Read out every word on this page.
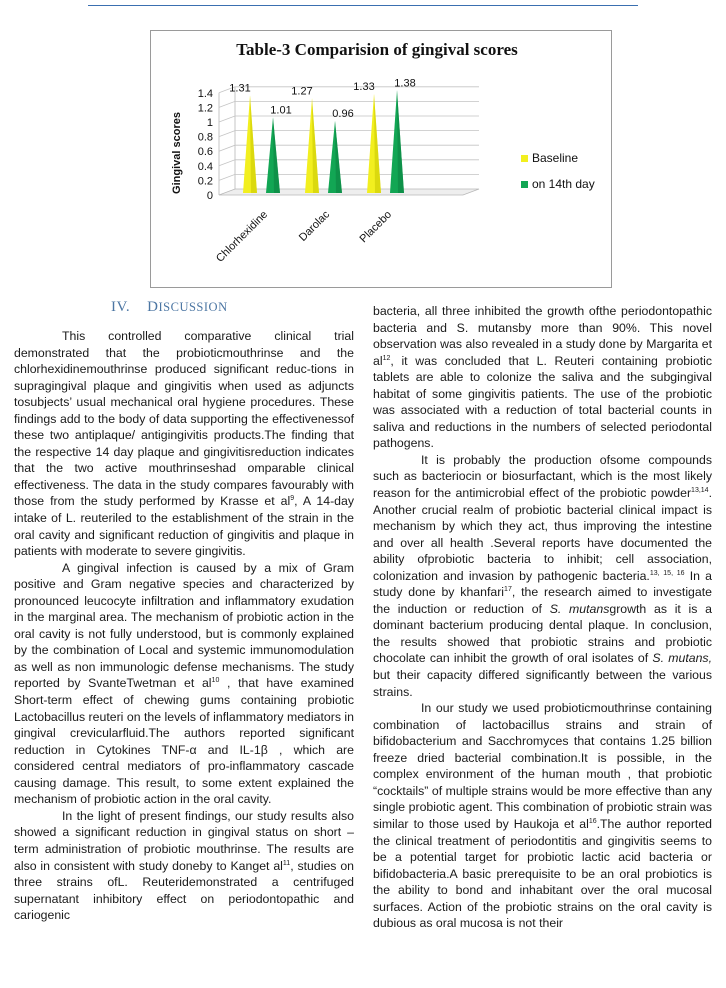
Table-3 Comparision of gingival scores
Gingival scores
0
0.2
0.4
0.6
0.8
1
1.2
1.4 1.31
1.01
1.27
0.96
1.33 1.38
Chlorhexidine Darolac Placebo
Baseline
on 14th day
IV. DISCUSSION

This controlled comparative clinical trial demonstrated that the probioticmouthrinse and the chlorhexidinemouthrinse produced significant reduc-tions in supragingival plaque and gingivitis when used as adjuncts tosubjects’ usual mechanical oral hygiene procedures. These findings add to the body of data supporting the effectivenessof these two antiplaque/ antigingivitis products.The finding that the respective 14 day plaque and gingivitisreduction indicates that the two active mouthrinseshad omparable clinical effectiveness. The data in the study compares favourably with those from the study performed by Krasse et $al^9$, A 14-day intake of L. reuteriled to the establishment of the strain in the oral cavity and significant reduction of gingivitis and plaque in patients with moderate to severe gingivitis.

A gingival infection is caused by a mix of Gram positive and Gram negative species and characterized by pronounced leucocyte infiltration and inflammatory exudation in the marginal area. The mechanism of probiotic action in the oral cavity is not fully understood, but is commonly explained by the combination of Local and systemic immunomodulation as well as non immunologic defense mechanisms. The study reported by SvanteTwetman et $al^{10}$ , that have examined Short-term effect of chewing gums containing probiotic Lactobacillus reuteri on the levels of inflammatory mediators in gingival crevicularfluid.The authors reported significant reduction in Cytokines TNF-α and IL-1β , which are considered central mediators of pro-inflammatory cascade causing damage. This result, to some extent explained the mechanism of probiotic action in the oral cavity.

In the light of present findings, our study results also showed a significant reduction in gingival status on short – term administration of probiotic mouthrinse. The results are also in consistent with study doneby to Kanget $al^{11}$, studies on three strains ofL. Reuteridemonstrated a centrifuged supernatant inhibitory effect on periodontopathic and cariogenic

bacteria, all three inhibited the growth ofthe periodontopathic bacteria and S. mutansby more than 90%. This novel observation was also revealed in a study done by Margarita et $al^{12}$, it was concluded that L. Reuteri containing probiotic tablets are able to colonize the saliva and the subgingival habitat of some gingivitis patients. The use of the probiotic was associated with a reduction of total bacterial counts in saliva and reductions in the numbers of selected periodontal pathogens.

It is probably the production ofsome compounds such as bacteriocin or biosurfactant, which is the most likely reason for the antimicrobial effect of the probiotic powder$^{13,14}$. Another crucial realm of probiotic bacterial clinical impact is mechanism by which they act, thus improving the intestine and over all health .Several reports have documented the ability ofprobiotic bacteria to inhibit; cell association, colonization and invasion by pathogenic bacteria.$^{13, 15, 16}$ In a study done by khanfari$^{17}$, the research aimed to investigate the induction or reduction of S. mutansgrowth as it is a dominant bacterium producing dental plaque. In conclusion, the results showed that probiotic strains and probiotic chocolate can inhibit the growth of oral isolates of S. mutans, but their capacity differed significantly between the various strains.

In our study we used probioticmouthrinse containing combination of lactobacillus strains and strain of bifidobacterium and Sacchromyces that contains 1.25 billion freeze dried bacterial combination.It is possible, in the complex environment of the human mouth , that probiotic “cocktails” of multiple strains would be more effective than any single probiotic agent. This combination of probiotic strain was similar to those used by Haukoja et $al^{16}.The$ author reported the clinical treatment of periodontitis and gingivitis seems to be a potential target for probiotic lactic acid bacteria or bifidobacteria.A basic prerequisite to be an oral probiotics is the ability to bond and inhabitant over the oral mucosal surfaces. Action of the probiotic strains on the oral cavity is dubious as oral mucosa is not their
